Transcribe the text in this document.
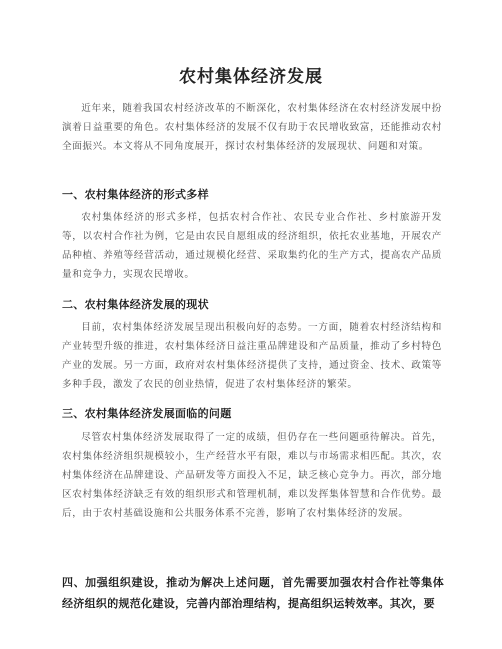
农村集体经济发展

近年来，随着我国农村经济改革的不断深化，农村集体经济在农村经济发展中扮演着日益重要的角色。农村集体经济的发展不仅有助于农民增收致富，还能推动农村全面振兴。本文将从不同角度展开，探讨农村集体经济的发展现状、问题和对策。

一、农村集体经济的形式多样

农村集体经济的形式多样，包括农村合作社、农民专业合作社、乡村旅游开发等，以农村合作社为例，它是由农民自愿组成的经济组织，依托农业基地，开展农产品种植、养殖等经营活动，通过规模化经营、采取集约化的生产方式，提高农产品质量和竞争力，实现农民增收。

二、农村集体经济发展的现状

目前，农村集体经济发展呈现出积极向好的态势。一方面，随着农村经济结构和产业转型升级的推进，农村集体经济日益注重品牌建设和产品质量，推动了乡村特色产业的发展。另一方面，政府对农村集体经济提供了支持，通过资金、技术、政策等多种手段，激发了农民的创业热情，促进了农村集体经济的繁荣。

三、农村集体经济发展面临的问题

尽管农村集体经济发展取得了一定的成绩，但仍存在一些问题亟待解决。首先，农村集体经济组织规模较小，生产经营水平有限，难以与市场需求相匹配。其次，农村集体经济在品牌建设、产品研发等方面投入不足，缺乏核心竞争力。再次，部分地区农村集体经济缺乏有效的组织形式和管理机制，难以发挥集体智慧和合作优势。最后，由于农村基础设施和公共服务体系不完善，影响了农村集体经济的发展。

四、加强组织建设，推动为解决上述问题，首先需要加强农村合作社等集体经济组织的规范化建设，完善内部治理结构，提高组织运转效率。其次，要
